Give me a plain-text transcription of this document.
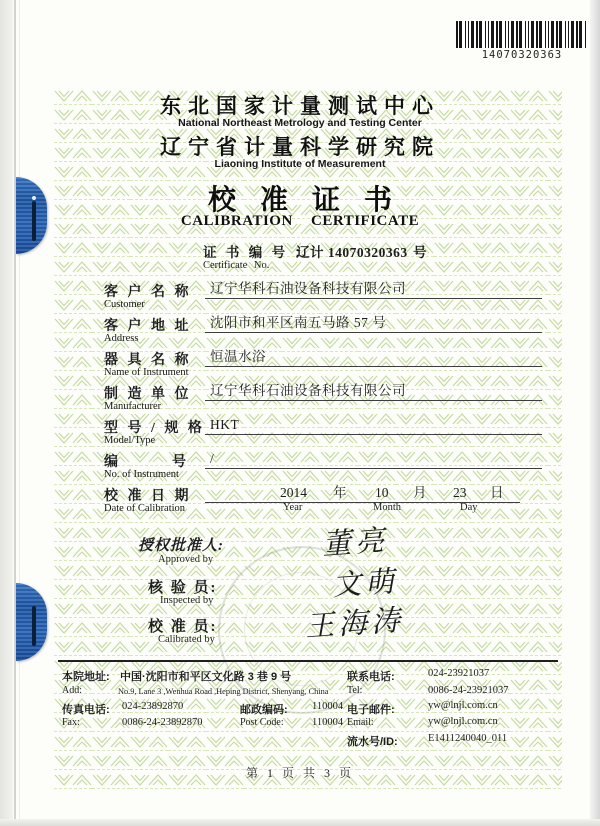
14070320363
东北国家计量测试中心
National Northeast Metrology and Testing Center
辽宁省计量科学研究院
Liaoning Institute of Measurement
校准证书
CALIBRATION CERTIFICATE
证 书 编 号 ：
辽计 14070320363 号
Certificate No.
客 户 名 称
Customer
辽宁华科石油设备科技有限公司
客 户 地 址
Address
沈阳市和平区南五马路 57 号
器 具 名 称
Name of Instrument
恒温水浴
制 造 单 位
Manufacturer
辽宁华科石油设备科技有限公司
型 号 / 规 格
Model/Type
HKT
编　　　号
No. of Instrument
/
校 准 日 期
Date of Calibration
2014 年 10 月 23 日
Year	Month	Day
授权批准人:
Approved by	董亮
核 验 员:
Inspected by	文萌
校 准 员:
Calibrated by	王海涛
本院地址: 中国·沈阳市和平区文化路 3 巷 9 号	联系电话:	024-23921037
Add:	No.9, Lane 3 ,Wenhua Road ,Heping District, Shenyang, China Tel:	0086-24-23921037
传真电话: 024-23892870	邮政编码: 110004 电子邮件:	yw@lnjl.com.cn
Fax:	0086-24-23892870	Post Code:	110004 Email:	yw@lnjl.com.cn
流水号/ID:	E1411240040_011
第 1 页 共 3 页
